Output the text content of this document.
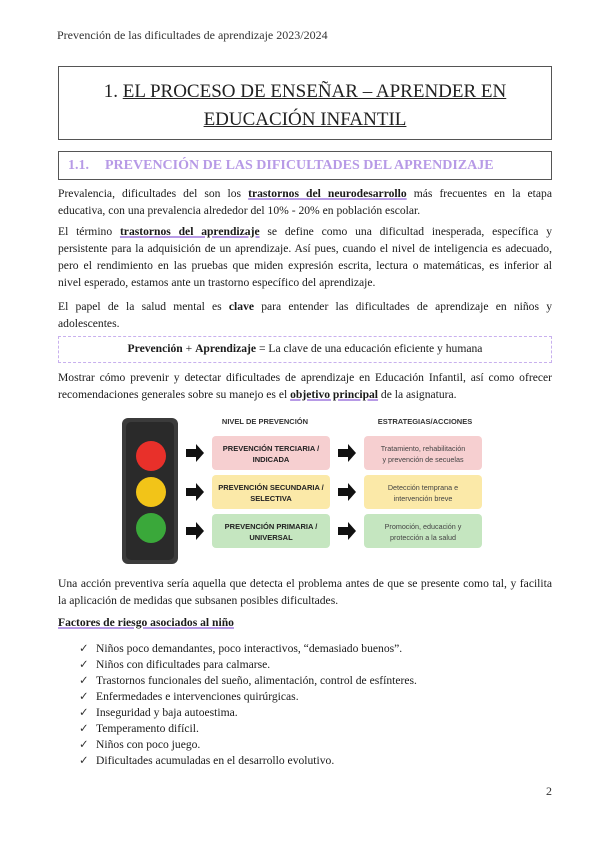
Prevención de las dificultades de aprendizaje 2023/2024
1. EL PROCESO DE ENSEÑAR – APRENDER EN
EDUCACIÓN INFANTIL
1.1. PREVENCIÓN DE LAS DIFICULTADES DEL APRENDIZAJE
Prevalencia, dificultades del son los trastornos del neurodesarrollo más frecuentes en la etapa
educativa, con una prevalencia alrededor del 10% - 20% en población escolar.
El término trastornos del aprendizaje se define como una dificultad inesperada, específica y
persistente para la adquisición de un aprendizaje. Así pues, cuando el nivel de inteligencia es adecuado,
pero el rendimiento en las pruebas que miden expresión escrita, lectura o matemáticas, es inferior al
nivel esperado, estamos ante un trastorno específico del aprendizaje.
El papel de la salud mental es clave para entender las dificultades de aprendizaje en niños y
adolescentes.
Prevención + Aprendizaje = La clave de una educación eficiente y humana
Mostrar cómo prevenir y detectar dificultades de aprendizaje en Educación Infantil, así como ofrecer
recomendaciones generales sobre su manejo es el objetivo principal de la asignatura.
NIVEL DE PREVENCIÓN	ESTRATEGIAS/ACCIONES
PREVENCIÓN TERCIARIA /
INDICADA
Tratamiento, rehabilitación
y prevención de secuelas
PREVENCIÓN SECUNDARIA /
SELECTIVA
Detección temprana e
intervención breve
PREVENCIÓN PRIMARIA /
UNIVERSAL
Promoción, educación y
protección a la salud
Una acción preventiva sería aquella que detecta el problema antes de que se presente como tal, y facilita
la aplicación de medidas que subsanen posibles dificultades.
Factores de riesgo asociados al niño
✓ Niños poco demandantes, poco interactivos, “demasiado buenos”.
✓ Niños con dificultades para calmarse.
✓ Trastornos funcionales del sueño, alimentación, control de esfínteres.
✓ Enfermedades e intervenciones quirúrgicas.
✓ Inseguridad y baja autoestima.
✓ Temperamento difícil.
✓ Niños con poco juego.
✓ Dificultades acumuladas en el desarrollo evolutivo.
2
